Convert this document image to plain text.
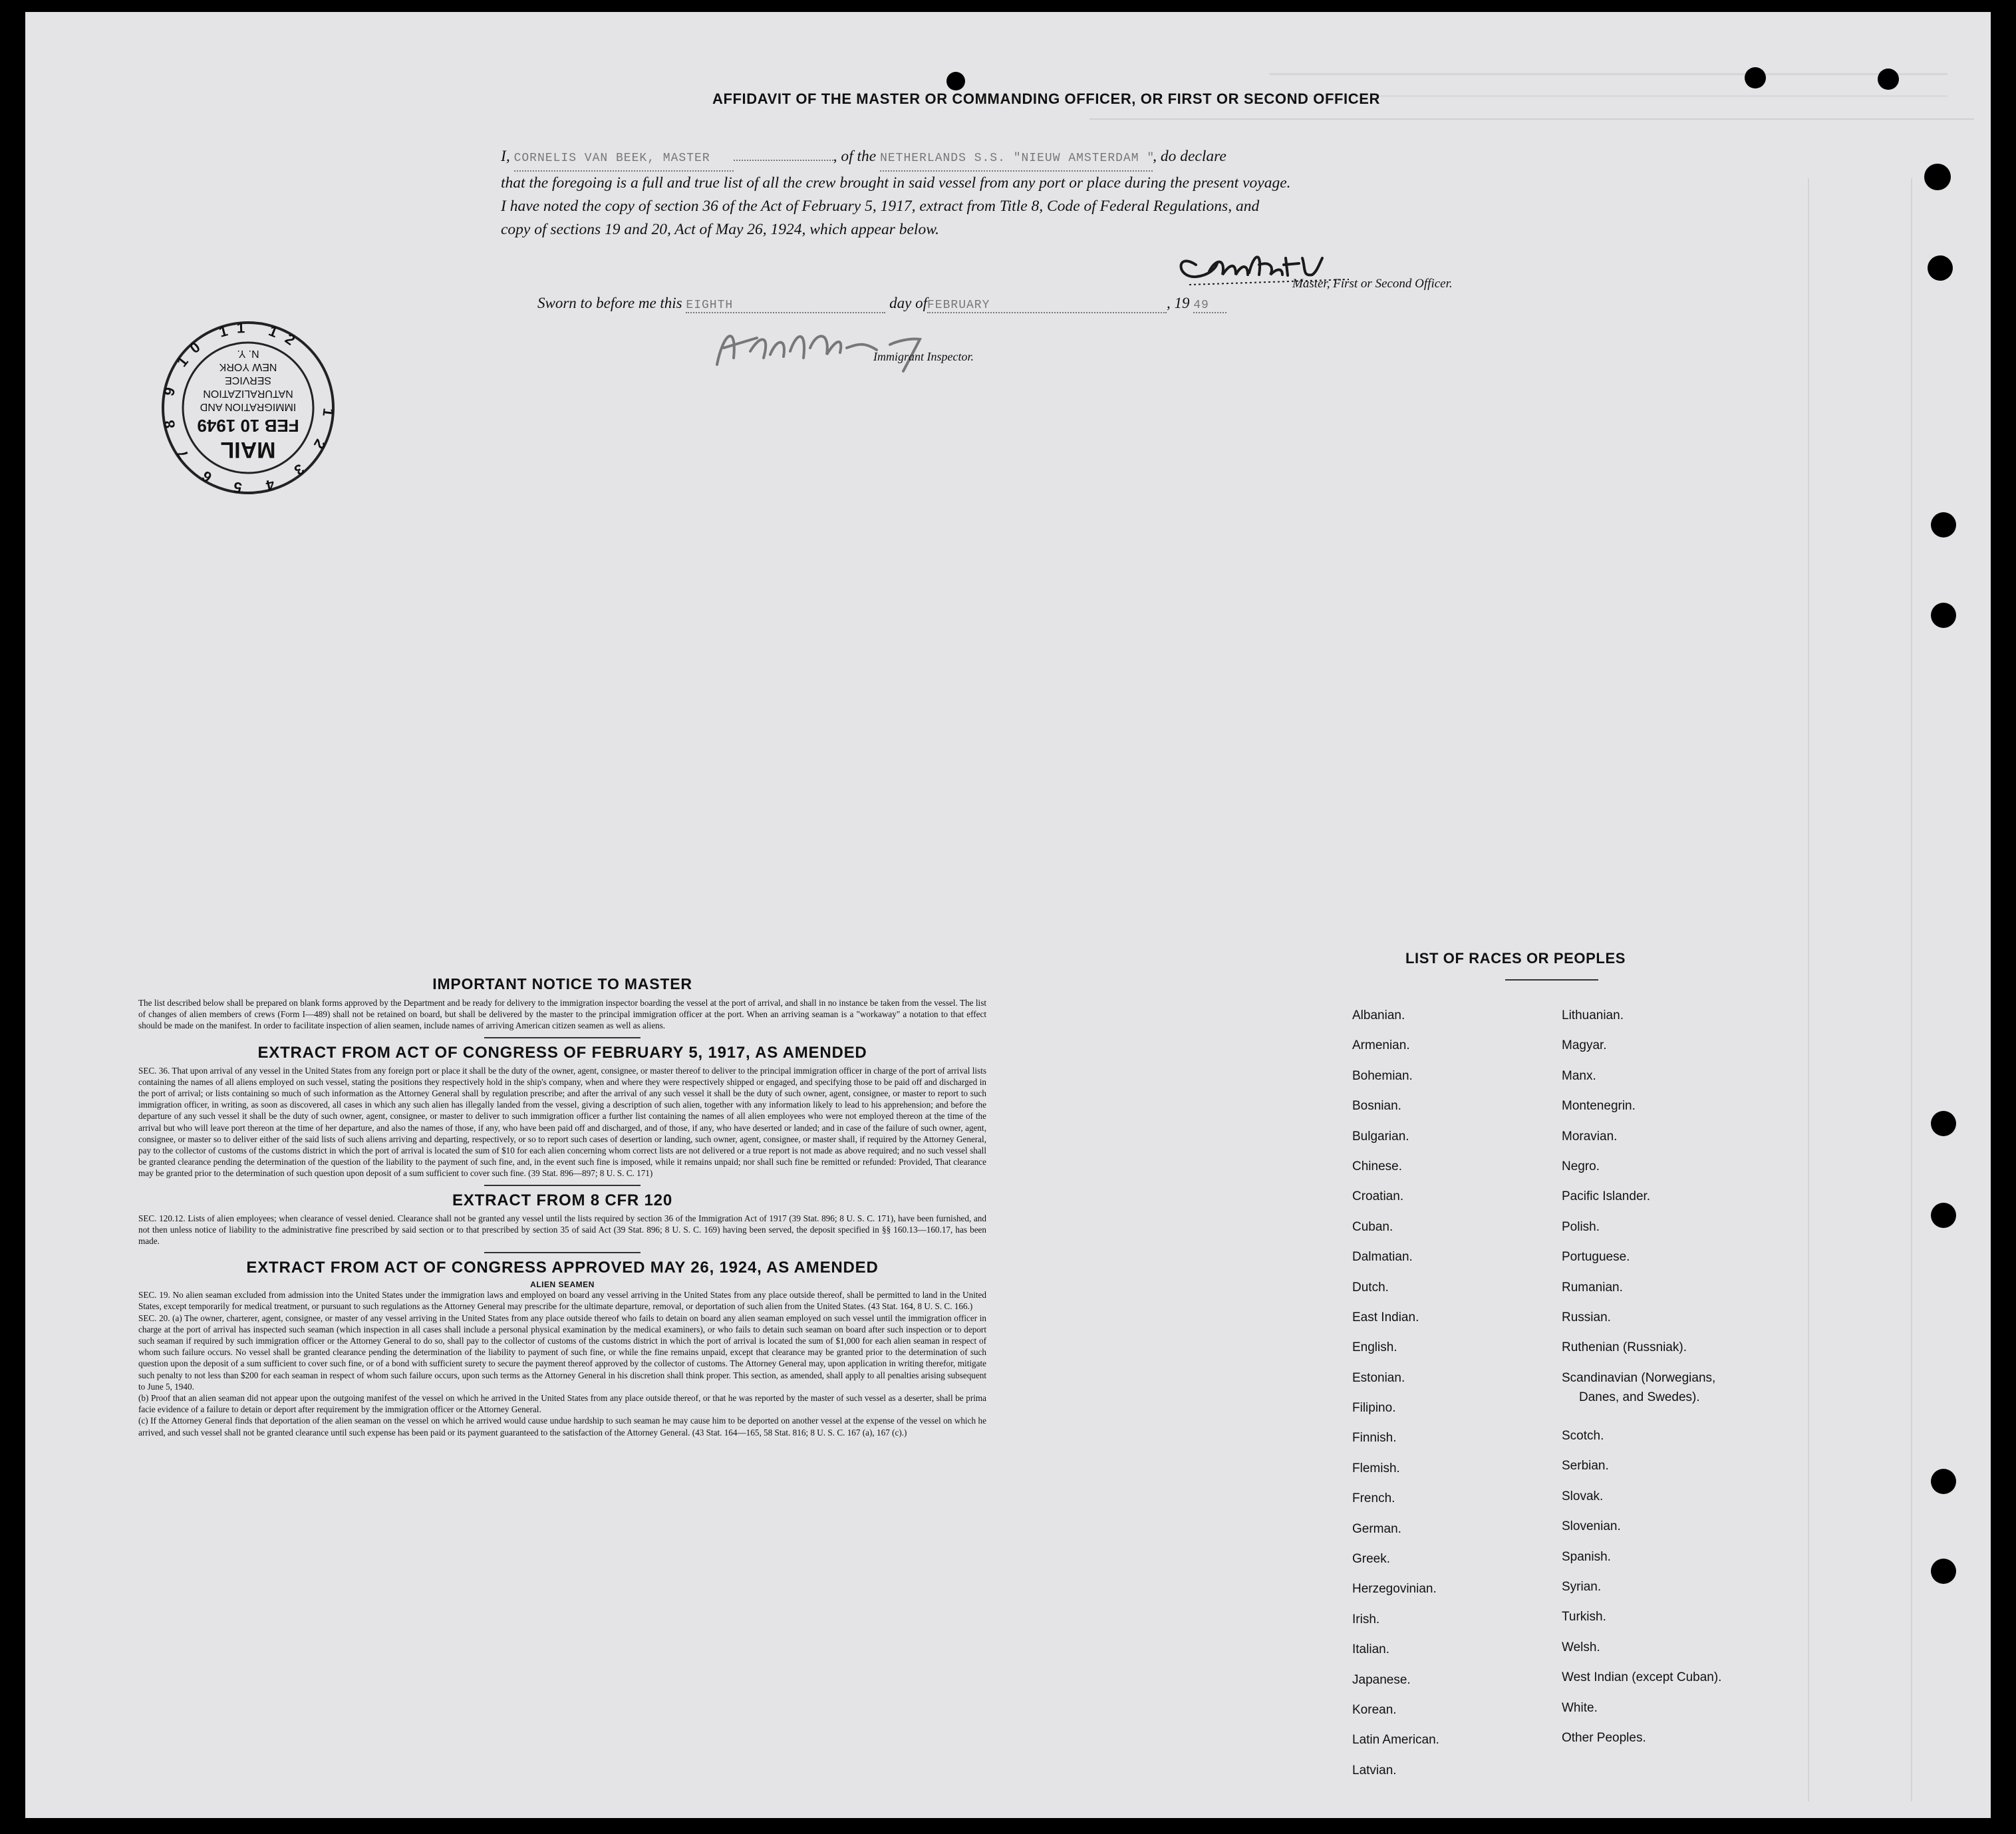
AFFIDAVIT OF THE MASTER OR COMMANDING OFFICER, OR FIRST OR SECOND OFFICER
I, CORNELIS VAN BEEK, MASTER	, of the NETHERLANDS S.S. "NIEUW AMSTERDAM ", do declare
that the foregoing is a full and true list of all the crew brought in said vessel from any port or place during the present voyage.
I have noted the copy of section 36 of the Act of February 5, 1917, extract from Title 8, Code of Federal Regulations, and
copy of sections 19 and 20, Act of May 26, 1924, which appear below.
Master, First or Second Officer.
Sworn to before me this EIGHTH	day ofFEBRUARY	, 19 49
Immigrant Inspector.
MAIL
FEB 10 1949
IMMIGRATION AND
NATURALIZATION
SERVICE
NEW YORK
N. Y.
1 2 3 4 5 6 7 8 9 10 11 12
IMPORTANT NOTICE TO MASTER

The list described below shall be prepared on blank forms approved by the Department and be ready for delivery to the immigration inspector boarding the vessel at the port of arrival, and shall in no instance be taken from the vessel. The list of changes of alien members of crews (Form I—489) shall not be retained on board, but shall be delivered by the master to the principal immigration officer at the port. When an arriving seaman is a "workaway" a notation to that effect should be made on the manifest. In order to facilitate inspection of alien seamen, include names of arriving American citizen seamen as well as aliens.

EXTRACT FROM ACT OF CONGRESS OF FEBRUARY 5, 1917, AS AMENDED

SEC. 36. That upon arrival of any vessel in the United States from any foreign port or place it shall be the duty of the owner, agent, consignee, or master thereof to deliver to the principal immigration officer in charge of the port of arrival lists containing the names of all aliens employed on such vessel, stating the positions they respectively hold in the ship's company, when and where they were respectively shipped or engaged, and specifying those to be paid off and discharged in the port of arrival; or lists containing so much of such information as the Attorney General shall by regulation prescribe; and after the arrival of any such vessel it shall be the duty of such owner, agent, consignee, or master to report to such immigration officer, in writing, as soon as discovered, all cases in which any such alien has illegally landed from the vessel, giving a description of such alien, together with any information likely to lead to his apprehension; and before the departure of any such vessel it shall be the duty of such owner, agent, consignee, or master to deliver to such immigration officer a further list containing the names of all alien employees who were not employed thereon at the time of the arrival but who will leave port thereon at the time of her departure, and also the names of those, if any, who have been paid off and discharged, and of those, if any, who have deserted or landed; and in case of the failure of such owner, agent, consignee, or master so to deliver either of the said lists of such aliens arriving and departing, respectively, or so to report such cases of desertion or landing, such owner, agent, consignee, or master shall, if required by the Attorney General, pay to the collector of customs of the customs district in which the port of arrival is located the sum of $10 for each alien concerning whom correct lists are not delivered or a true report is not made as above required; and no such vessel shall be granted clearance pending the determination of the question of the liability to the payment of such fine, and, in the event such fine is imposed, while it remains unpaid; nor shall such fine be remitted or refunded: Provided, That clearance may be granted prior to the determination of such question upon deposit of a sum sufficient to cover such fine. (39 Stat. 896—897; 8 U. S. C. 171)

EXTRACT FROM 8 CFR 120

SEC. 120.12. Lists of alien employees; when clearance of vessel denied. Clearance shall not be granted any vessel until the lists required by section 36 of the Immigration Act of 1917 (39 Stat. 896; 8 U. S. C. 171), have been furnished, and not then unless notice of liability to the administrative fine prescribed by said section or to that prescribed by section 35 of said Act (39 Stat. 896; 8 U. S. C. 169) having been served, the deposit specified in §§ 160.13—160.17, has been made.

EXTRACT FROM ACT OF CONGRESS APPROVED MAY 26, 1924, AS AMENDED
ALIEN SEAMEN

SEC. 19. No alien seaman excluded from admission into the United States under the immigration laws and employed on board any vessel arriving in the United States from any place outside thereof, shall be permitted to land in the United States, except temporarily for medical treatment, or pursuant to such regulations as the Attorney General may prescribe for the ultimate departure, removal, or deportation of such alien from the United States. (43 Stat. 164, 8 U. S. C. 166.)

SEC. 20. (a) The owner, charterer, agent, consignee, or master of any vessel arriving in the United States from any place outside thereof who fails to detain on board any alien seaman employed on such vessel until the immigration officer in charge at the port of arrival has inspected such seaman (which inspection in all cases shall include a personal physical examination by the medical examiners), or who fails to detain such seaman on board after such inspection or to deport such seaman if required by such immigration officer or the Attorney General to do so, shall pay to the collector of customs of the customs district in which the port of arrival is located the sum of $1,000 for each alien seaman in respect of whom such failure occurs. No vessel shall be granted clearance pending the determination of the liability to payment of such fine, or while the fine remains unpaid, except that clearance may be granted prior to the determination of such question upon the deposit of a sum sufficient to cover such fine, or of a bond with sufficient surety to secure the payment thereof approved by the collector of customs. The Attorney General may, upon application in writing therefor, mitigate such penalty to not less than $200 for each seaman in respect of whom such failure occurs, upon such terms as the Attorney General in his discretion shall think proper. This section, as amended, shall apply to all penalties arising subsequent to June 5, 1940.

(b) Proof that an alien seaman did not appear upon the outgoing manifest of the vessel on which he arrived in the United States from any place outside thereof, or that he was reported by the master of such vessel as a deserter, shall be prima facie evidence of a failure to detain or deport after requirement by the immigration officer or the Attorney General.

(c) If the Attorney General finds that deportation of the alien seaman on the vessel on which he arrived would cause undue hardship to such seaman he may cause him to be deported on another vessel at the expense of the vessel on which he arrived, and such vessel shall not be granted clearance until such expense has been paid or its payment guaranteed to the satisfaction of the Attorney General. (43 Stat. 164—165, 58 Stat. 816; 8 U. S. C. 167 (a), 167 (c).)

LIST OF RACES OR PEOPLES
Albanian.
Armenian.
Bohemian.
Bosnian.
Bulgarian.
Chinese.
Croatian.
Cuban.
Dalmatian.
Dutch.
East Indian.
English.
Estonian.
Filipino.
Finnish.
Flemish.
French.
German.
Greek.
Herzegovinian.
Irish.
Italian.
Japanese.
Korean.
Latin American.
Latvian.
Lithuanian.
Magyar.
Manx.
Montenegrin.
Moravian.
Negro.
Pacific Islander.
Polish.
Portuguese.
Rumanian.
Russian.
Ruthenian (Russniak).
Scandinavian (Norwegians,
Danes, and Swedes).
Scotch.
Serbian.
Slovak.
Slovenian.
Spanish.
Syrian.
Turkish.
Welsh.
West Indian (except Cuban).
White.
Other Peoples.
